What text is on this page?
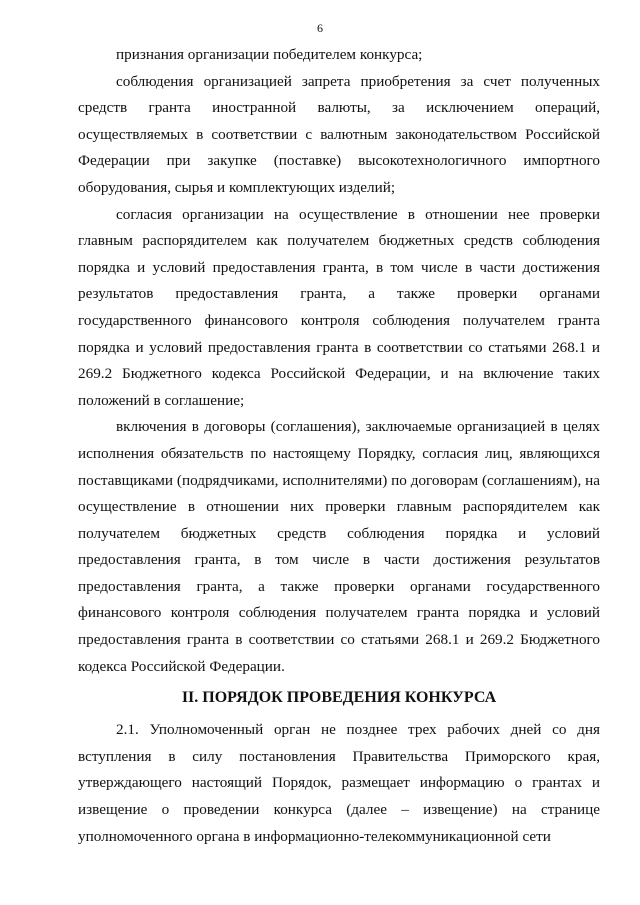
6

признания организации победителем конкурса;

соблюдения организацией запрета приобретения за счет полученных средств гранта иностранной валюты, за исключением операций, осуществляемых в соответствии с валютным законодательством Российской Федерации при закупке (поставке) высокотехнологичного импортного оборудования, сырья и комплектующих изделий;

согласия организации на осуществление в отношении нее проверки главным распорядителем как получателем бюджетных средств соблюдения порядка и условий предоставления гранта, в том числе в части достижения результатов предоставления гранта, а также проверки органами государственного финансового контроля соблюдения получателем гранта порядка и условий предоставления гранта в соответствии со статьями 268.1 и 269.2 Бюджетного кодекса Российской Федерации, и на включение таких положений в соглашение;

включения в договоры (соглашения), заключаемые организацией в целях исполнения обязательств по настоящему Порядку, согласия лиц, являющихся поставщиками (подрядчиками, исполнителями) по договорам (соглашениям), на осуществление в отношении них проверки главным распорядителем как получателем бюджетных средств соблюдения порядка и условий предоставления гранта, в том числе в части достижения результатов предоставления гранта, а также проверки органами государственного финансового контроля соблюдения получателем гранта порядка и условий предоставления гранта в соответствии со статьями 268.1 и 269.2 Бюджетного кодекса Российской Федерации.

II. ПОРЯДОК ПРОВЕДЕНИЯ КОНКУРСА

2.1. Уполномоченный орган не позднее трех рабочих дней со дня вступления в силу постановления Правительства Приморского края, утверждающего настоящий Порядок, размещает информацию о грантах и извещение о проведении конкурса (далее – извещение) на странице уполномоченного органа в информационно-телекоммуникационной сети
